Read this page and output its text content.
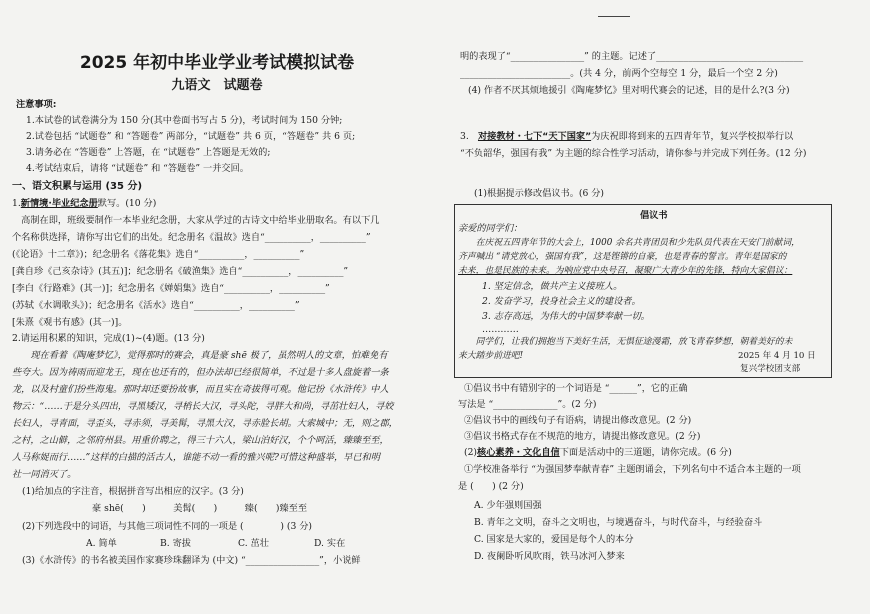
2025 年初中毕业学业考试模拟试卷
九语文　试题卷
注意事项:
1.本试卷的试卷满分为 150 分(其中卷面书写占 5 分)，考试时间为 150 分钟;
2.试卷包括 “试题卷” 和 “答题卷” 两部分，“试题卷” 共 6 页，“答题卷” 共 6 页;
3.请务必在 “答题卷” 上答题，在 “试题卷” 上答题是无效的;
4.考试结束后，请将 “试题卷” 和 “答题卷” 一并交回。
一、语文积累与运用 (35 分)
1.新情境·毕业纪念册默写。(10 分)
　高制在即，班级要制作一本毕业纪念册，大家从学过的古诗文中给毕业册取名。有以下几
个名称供选择，请你写出它们的出处。纪念册名《温故》选自“__________，__________”
(《论语》十二章》)；纪念册名《落花集》选自“__________，__________”
[龚自珍《己亥杂诗》(其五)]；纪念册名《破渔集》选自“__________，__________”
[李白《行路难》(其一)]；纪念册名《婵娟集》选自“__________，__________”
(苏轼《水调歌头》)；纪念册名《活水》选自“__________，__________”
[朱熹《观书有感》(其一)]。
2.请运用积累的知识，完成(1)~(4)题。(13 分)
　　现在看着《陶庵梦忆》，觉得那时的赛会，真是豪 shē 极了，虽然明人的文章，怕难免有
些夸大。因为祷雨而迎龙王，现在也还有的，但办法却已经很简单，不过是十多人盘旋着一条
龙，以及村童们扮些海鬼。那时却还要扮故事，而且实在奇拔得可观。他记扮《水浒传》中人
物云：“……于是分头四出，寻黑矮汉，寻梢长大汉，寻头陀，寻胖大和尚，寻茁壮妇人，寻姣
长妇人，寻青面，寻歪头，寻赤须，寻美髯，寻黑大汉，寻赤脸长胡。大索城中；无，则之郡，
之村，之山僻，之邻府州县。用重价聘之，得三十六人，梁山泊好汉，个个呵活，臻臻至至，
人马称娖而行……”这样的白描的活古人，谁能不动一看的雅兴呢?可惜这种盛举，早已和明
社一同消灭了。
(1)给加点的字注音，根据拼音写出相应的汉字。(3 分)
豪 shē(　　)　　　美髯(　　)　　　臻(　　)臻至至
(2)下列选段中的词语，与其他三项词性不同的一项是 (　　　　) (3 分)
A. 简单	B. 寄拔	C. 茁壮	D. 实在
(3)《水浒传》的书名被美国作家赛珍珠翻译为 (中文) “________________”，小说鲜
明的表现了“________________” 的主题。记述了________________________________
________________________。(共 4 分，前两个空每空 1 分，最后一个空 2 分)
(4) 作者不厌其烦地援引《陶庵梦忆》里对明代赛会的记述，目的是什么?(3 分)
3.　对接教材・七下“天下国家”为庆祝即将到来的五四青年节，复兴学校拟举行以
“不负韶华，强国有我” 为主题的综合性学习活动，请你参与并完成下列任务。(12 分)
(1)根据提示修改倡议书。(6 分)
倡议书
亲爱的同学们：
　　在庆祝五四青年节的大会上，1000 余名共青团员和少先队员代表在天安门前献词，
齐声喊出 “请党放心，强国有我”，这是铿锵的自豪，也是青春的誓言。青年是国家的
未来，也是民族的未来。为响应党中央号召，凝聚广大青少年的先锋，特向大家倡议：
1. 坚定信念，做共产主义接班人。
2. 发奋学习，投身社会主义的建设者。
3. 志存高远，为伟大的中国梦奉献一切。
…………
　　同学们，让我们拥抱当下美好生活，无惧征途漫霜，放飞青春梦想，朝着美好的未
来大踏步前进吧!	2025 年 4 月 10 日
复兴学校团支部
①倡议书中有错别字的一个词语是 “______”，它的正确
写法是 “______________”。(2 分)
②倡议书中的画线句子有语病，请提出修改意见。(2 分)
③倡议书格式存在不规范的地方，请提出修改意见。(2 分)
(2)核心素养・文化自信下面是活动中的三道题，请你完成。(6 分)
①学校准备举行 “为强国梦奉献青春” 主题朗诵会，下列名句中不适合本主题的一项
是 (　　) (2 分)
A. 少年强则国强
B. 青年之文明，奋斗之文明也，与境遇奋斗，与时代奋斗，与经验奋斗
C. 国家是大家的，爱国是每个人的本分
D. 夜阑卧听风吹雨，铁马冰河入梦来
